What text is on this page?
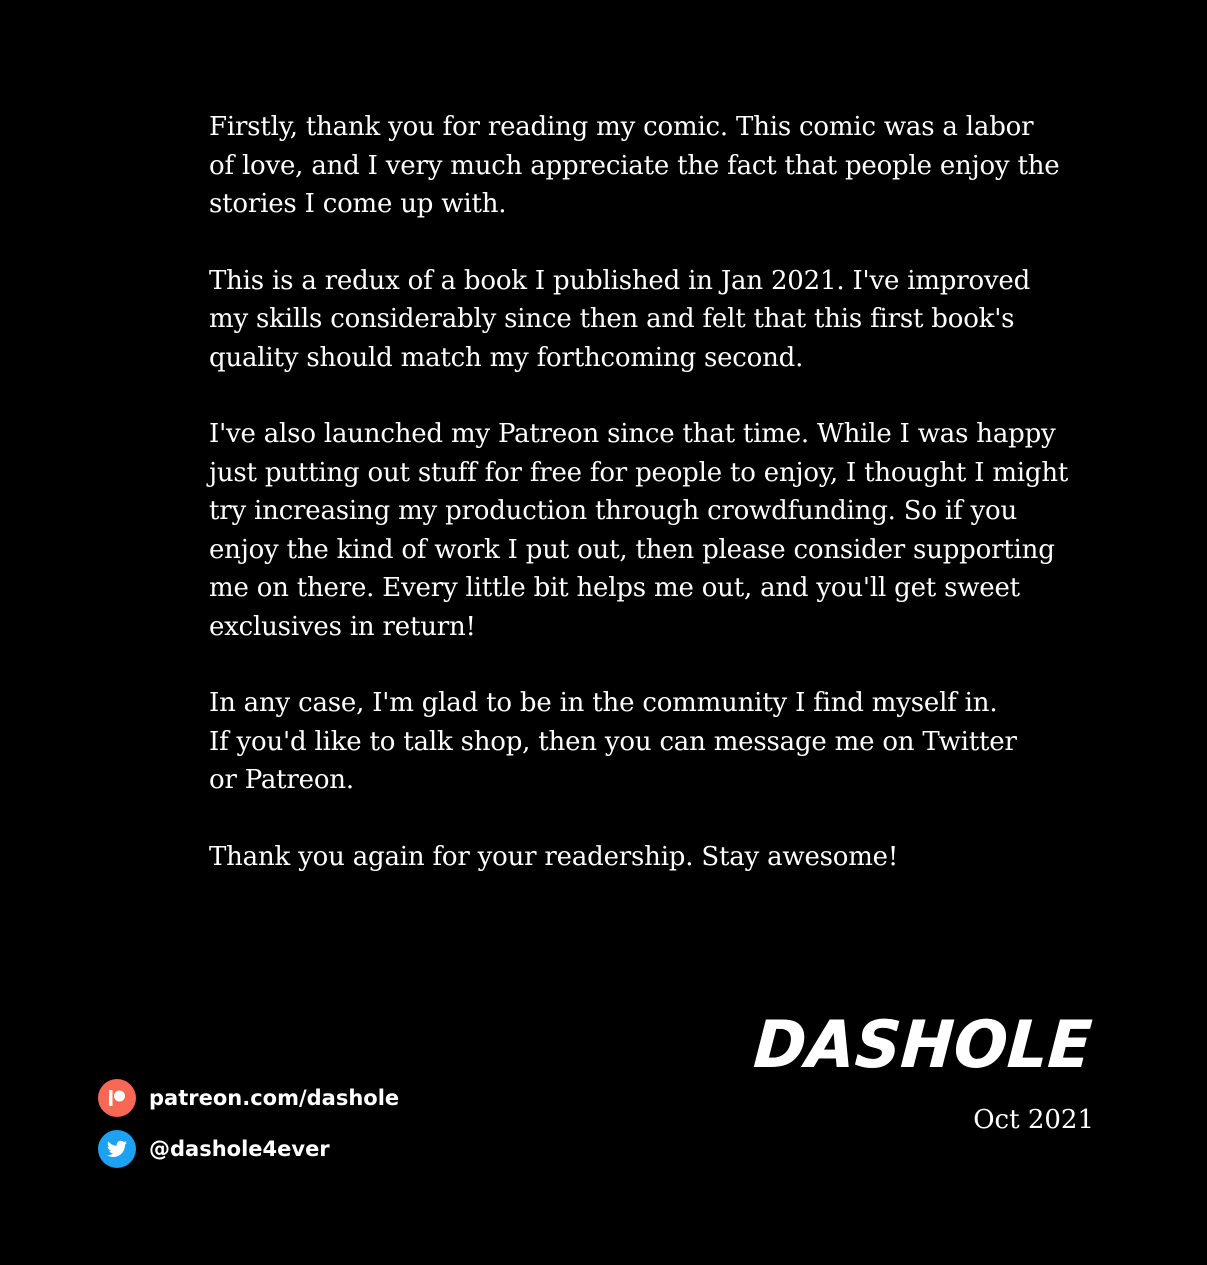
Firstly, thank you for reading my comic. This comic was a labor
of love, and I very much appreciate the fact that people enjoy the
stories I come up with.

This is a redux of a book I published in Jan 2021. I've improved
my skills considerably since then and felt that this first book's
quality should match my forthcoming second.

I've also launched my Patreon since that time. While I was happy
just putting out stuff for free for people to enjoy, I thought I might
try increasing my production through crowdfunding. So if you
enjoy the kind of work I put out, then please consider supporting
me on there. Every little bit helps me out, and you'll get sweet
exclusives in return!

In any case, I'm glad to be in the community I find myself in.
If you'd like to talk shop, then you can message me on Twitter
or Patreon.

Thank you again for your readership. Stay awesome!

DASHOLE
Oct 2021
patreon.com/dashole
@dashole4ever
